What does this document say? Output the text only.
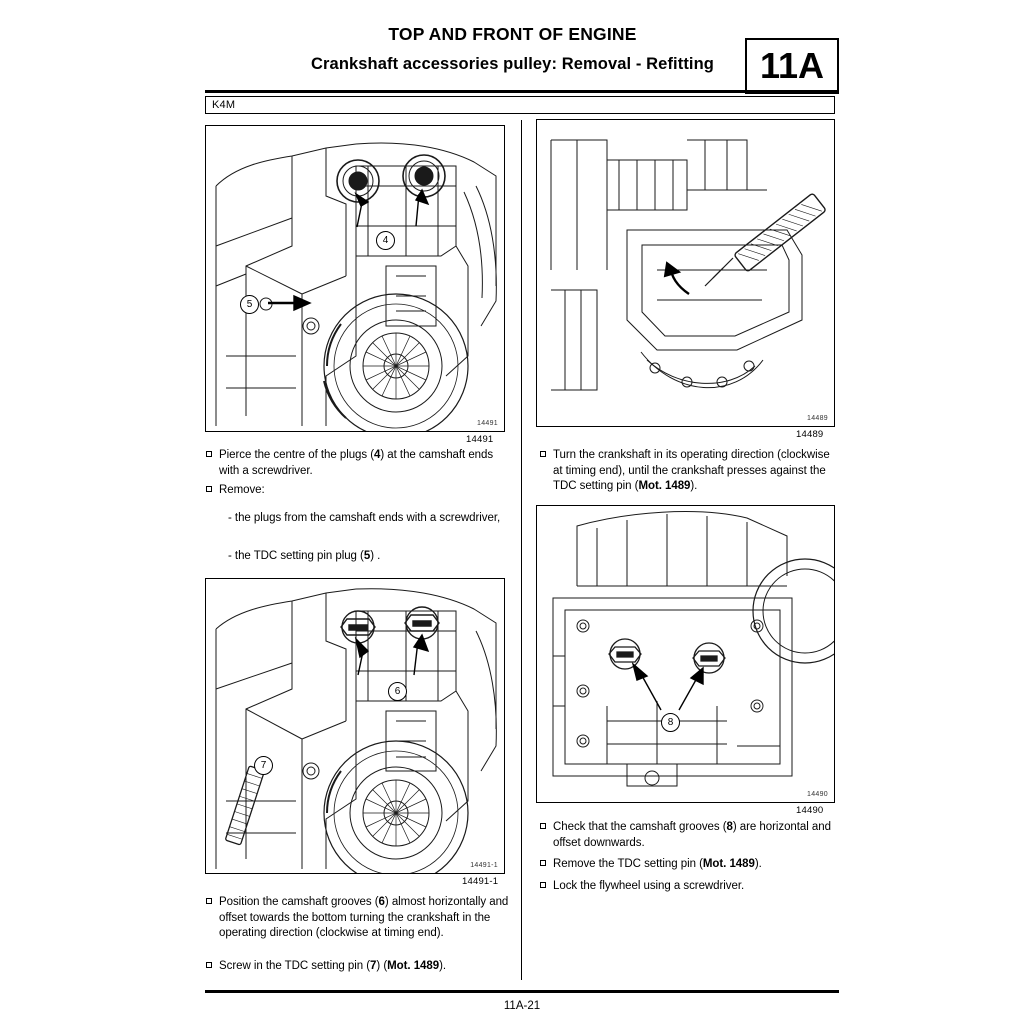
TOP AND FRONT OF ENGINE
Crankshaft accessories pulley: Removal - Refitting	11A
K4M
4
5
14491
14491
14489
14489
6
7
14491-1
14491-1
8
14490
14490
Pierce the centre of the plugs (4) at the camshaft ends with a screwdriver.
Remove:
- the plugs from the camshaft ends with a screwdriver,
- the TDC setting pin plug (5) .
Position the camshaft grooves (6) almost horizontally and offset towards the bottom turning the crankshaft in the operating direction (clockwise at timing end).
Screw in the TDC setting pin (7) (Mot. 1489).
Turn the crankshaft in its operating direction (clockwise at timing end), until the crankshaft presses against the TDC setting pin (Mot. 1489).
Check that the camshaft grooves (8) are horizontal and offset downwards.
Remove the TDC setting pin (Mot. 1489).
Lock the flywheel using a screwdriver.
11A-21
